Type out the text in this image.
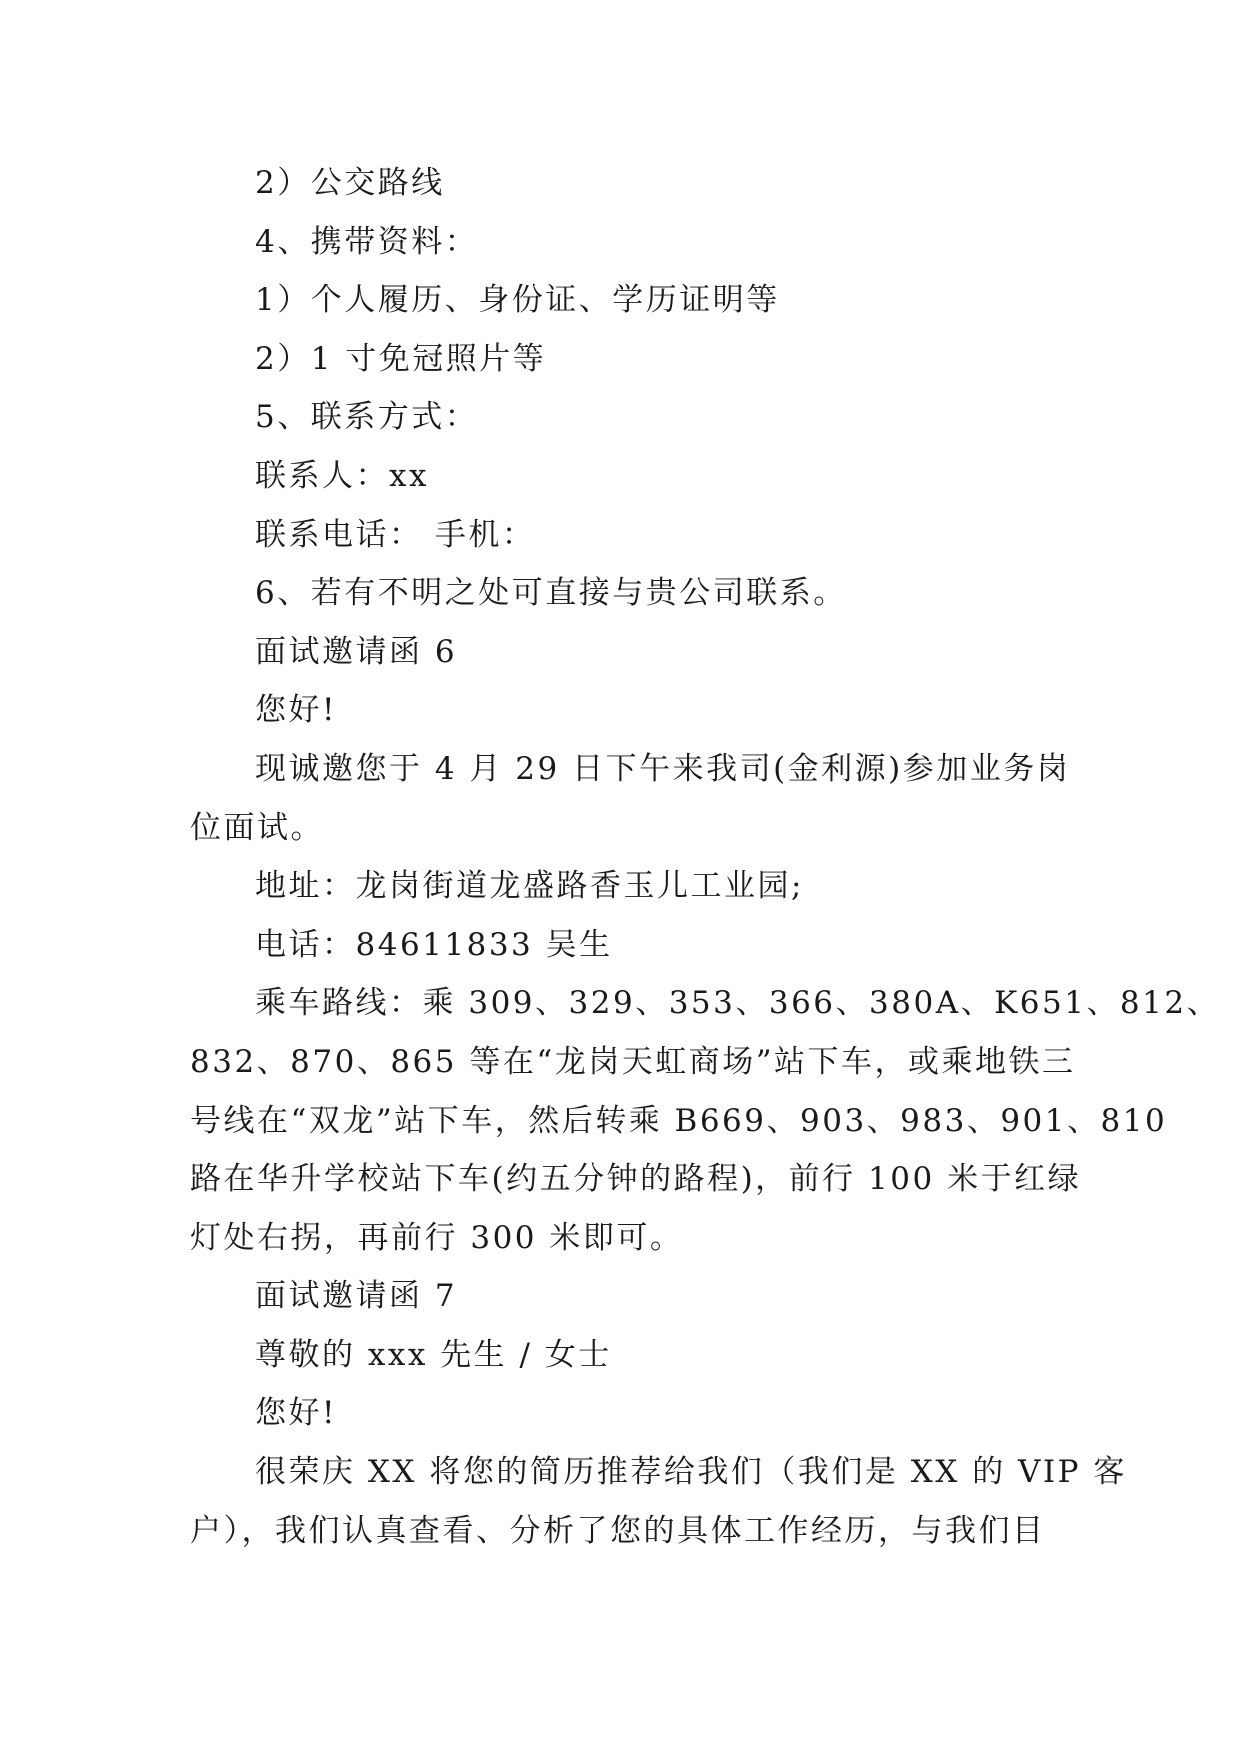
2）公交路线
4、携带资料：
1）个人履历、身份证、学历证明等
2）1 寸免冠照片等
5、联系方式：
联系人：xx
联系电话： 手机：
6、若有不明之处可直接与贵公司联系。
面试邀请函 6
您好!
现诚邀您于 4 月 29 日下午来我司(金利源)参加业务岗
位面试。
地址：龙岗街道龙盛路香玉儿工业园;
电话：84611833 吴生
乘车路线：乘 309、329、353、366、380A、K651、812、
832、870、865 等在“龙岗天虹商场”站下车，或乘地铁三
号线在“双龙”站下车，然后转乘 B669、903、983、901、810
路在华升学校站下车(约五分钟的路程)，前行 100 米于红绿
灯处右拐，再前行 300 米即可。
面试邀请函 7
尊敬的 xxx 先生 / 女士
您好!
很荣庆 XX 将您的简历推荐给我们（我们是 XX 的 VIP 客
户），我们认真查看、分析了您的具体工作经历，与我们目
